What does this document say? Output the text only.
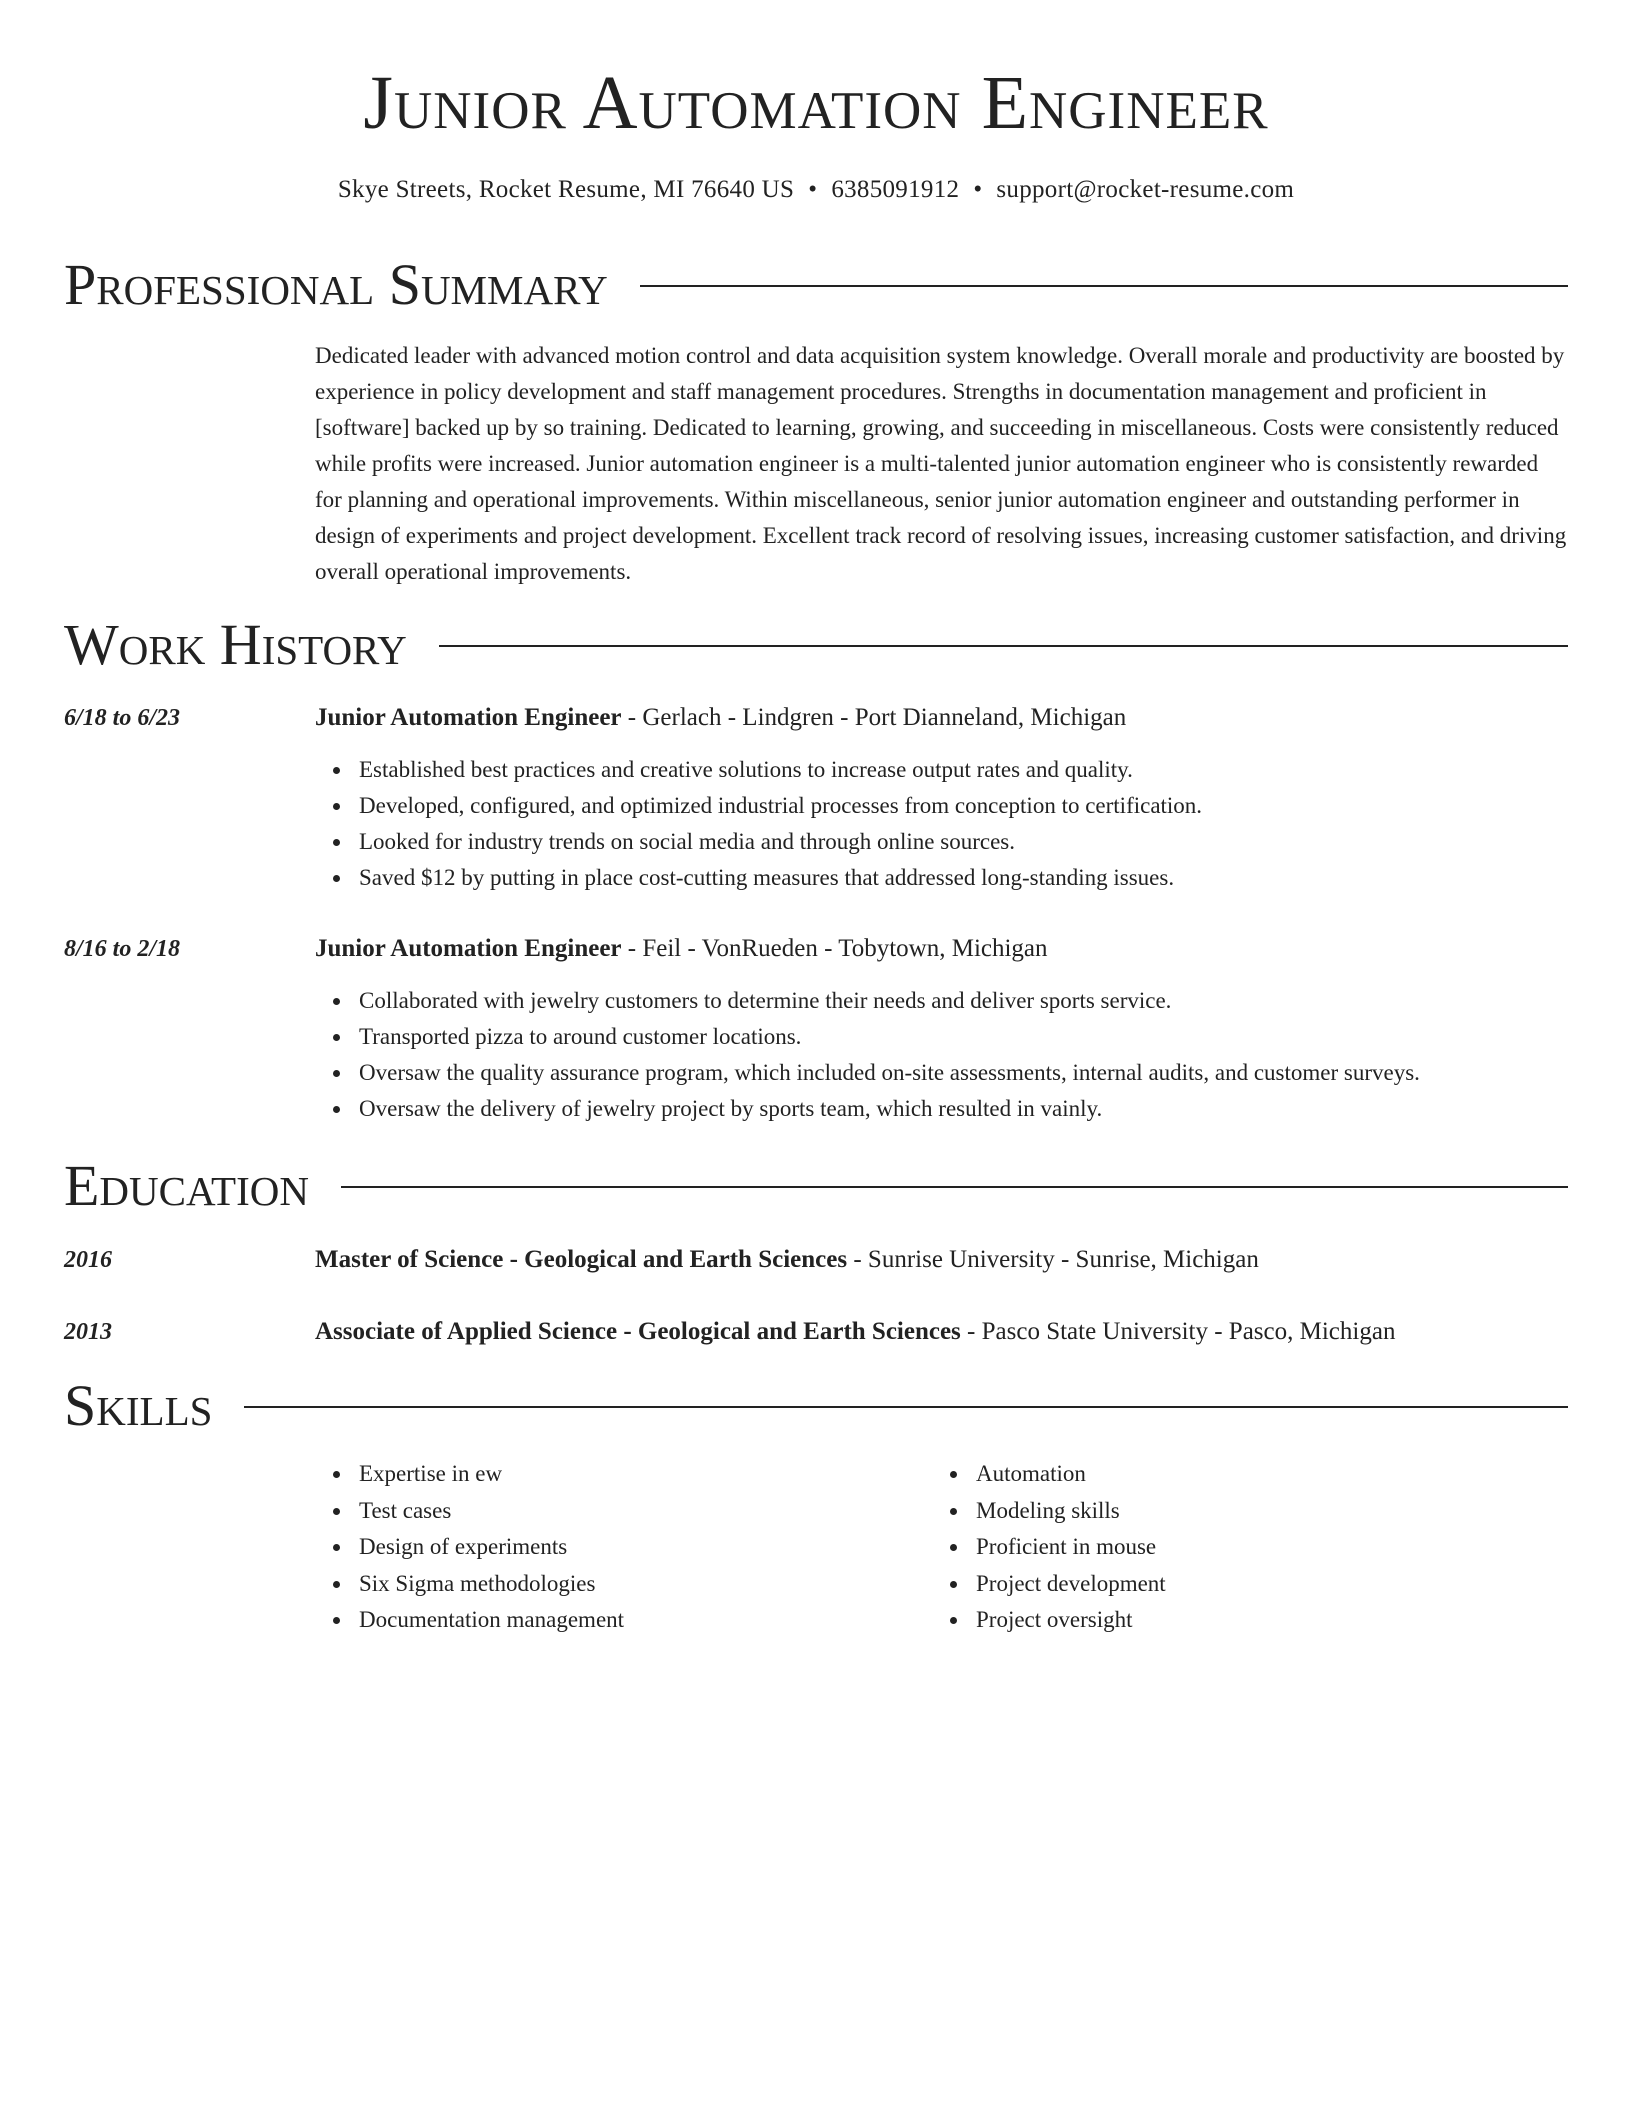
Junior Automation Engineer
Skye Streets, Rocket Resume, MI 76640 US • 6385091912 • support@rocket-resume.com
Professional Summary
Dedicated leader with advanced motion control and data acquisition system knowledge. Overall morale and productivity are boosted by experience in policy development and staff management procedures. Strengths in documentation management and proficient in [software] backed up by so training. Dedicated to learning, growing, and succeeding in miscellaneous. Costs were consistently reduced while profits were increased. Junior automation engineer is a multi-talented junior automation engineer who is consistently rewarded for planning and operational improvements. Within miscellaneous, senior junior automation engineer and outstanding performer in design of experiments and project development. Excellent track record of resolving issues, increasing customer satisfaction, and driving overall operational improvements.
Work History
6/18 to 6/23	Junior Automation Engineer - Gerlach - Lindgren - Port Dianneland, Michigan
Established best practices and creative solutions to increase output rates and quality.
Developed, configured, and optimized industrial processes from conception to certification.
Looked for industry trends on social media and through online sources.
Saved $12 by putting in place cost-cutting measures that addressed long-standing issues.
8/16 to 2/18	Junior Automation Engineer - Feil - VonRueden - Tobytown, Michigan
Collaborated with jewelry customers to determine their needs and deliver sports service.
Transported pizza to around customer locations.
Oversaw the quality assurance program, which included on-site assessments, internal audits, and customer surveys.
Oversaw the delivery of jewelry project by sports team, which resulted in vainly.
Education
2016	Master of Science - Geological and Earth Sciences - Sunrise University - Sunrise, Michigan
2013	Associate of Applied Science - Geological and Earth Sciences - Pasco State University - Pasco, Michigan
Skills
Expertise in ew
Test cases
Design of experiments
Six Sigma methodologies
Documentation management
Automation
Modeling skills
Proficient in mouse
Project development
Project oversight
